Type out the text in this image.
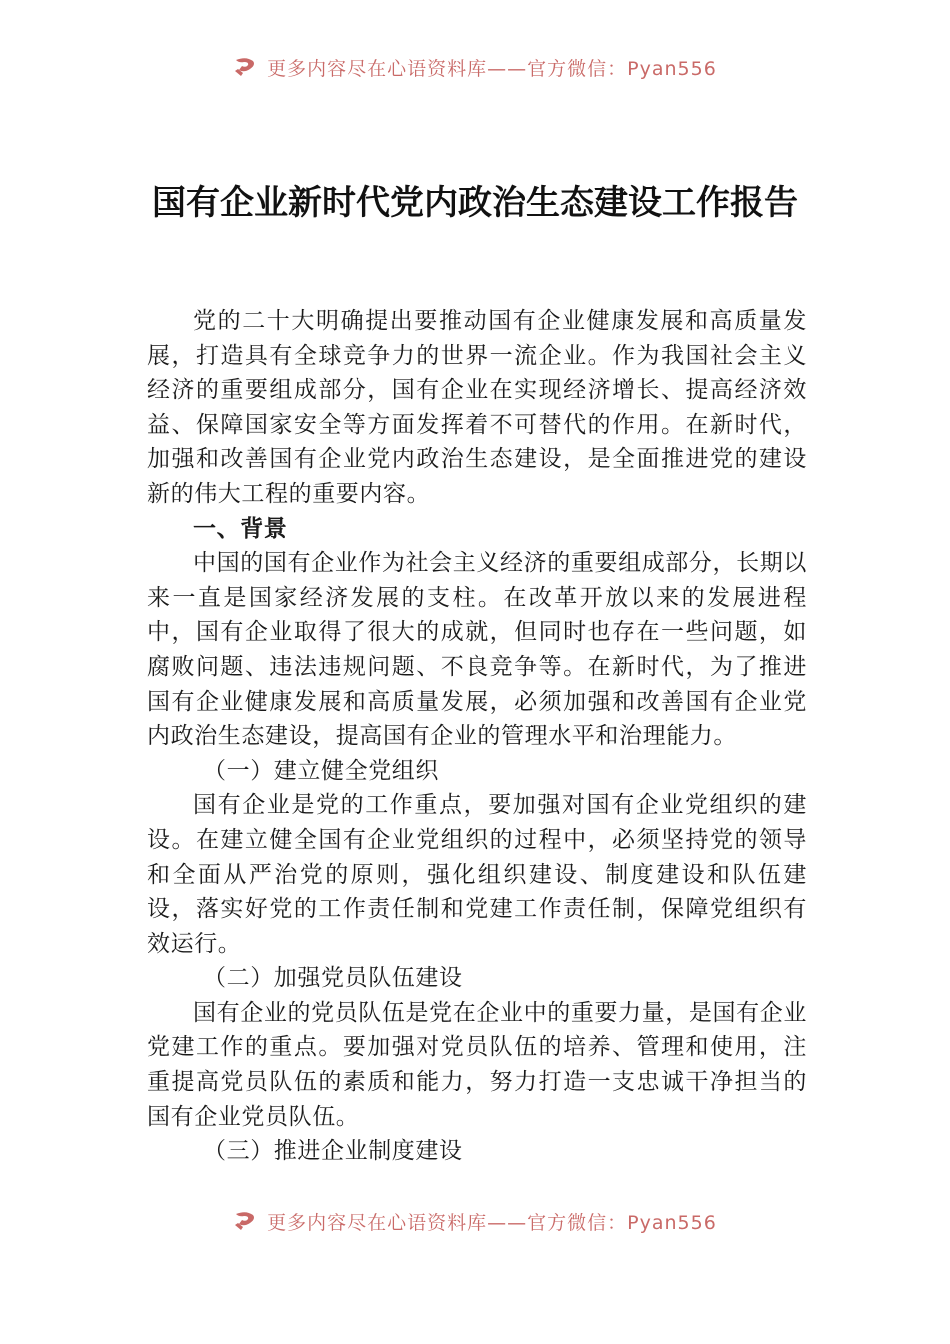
更多内容尽在心语资料库——官方微信：Pyan556
国有企业新时代党内政治生态建设工作报告

党的二十大明确提出要推动国有企业健康发展和高质量发展，打造具有全球竞争力的世界一流企业。作为我国社会主义经济的重要组成部分，国有企业在实现经济增长、提高经济效益、保障国家安全等方面发挥着不可替代的作用。在新时代，加强和改善国有企业党内政治生态建设，是全面推进党的建设新的伟大工程的重要内容。

一、背景

中国的国有企业作为社会主义经济的重要组成部分，长期以来一直是国家经济发展的支柱。在改革开放以来的发展进程中，国有企业取得了很大的成就，但同时也存在一些问题，如腐败问题、违法违规问题、不良竞争等。在新时代，为了推进国有企业健康发展和高质量发展，必须加强和改善国有企业党内政治生态建设，提高国有企业的管理水平和治理能力。

（一）建立健全党组织

国有企业是党的工作重点，要加强对国有企业党组织的建设。在建立健全国有企业党组织的过程中，必须坚持党的领导和全面从严治党的原则，强化组织建设、制度建设和队伍建设，落实好党的工作责任制和党建工作责任制，保障党组织有效运行。

（二）加强党员队伍建设

国有企业的党员队伍是党在企业中的重要力量，是国有企业党建工作的重点。要加强对党员队伍的培养、管理和使用，注重提高党员队伍的素质和能力，努力打造一支忠诚干净担当的国有企业党员队伍。

（三）推进企业制度建设
更多内容尽在心语资料库——官方微信：Pyan556
